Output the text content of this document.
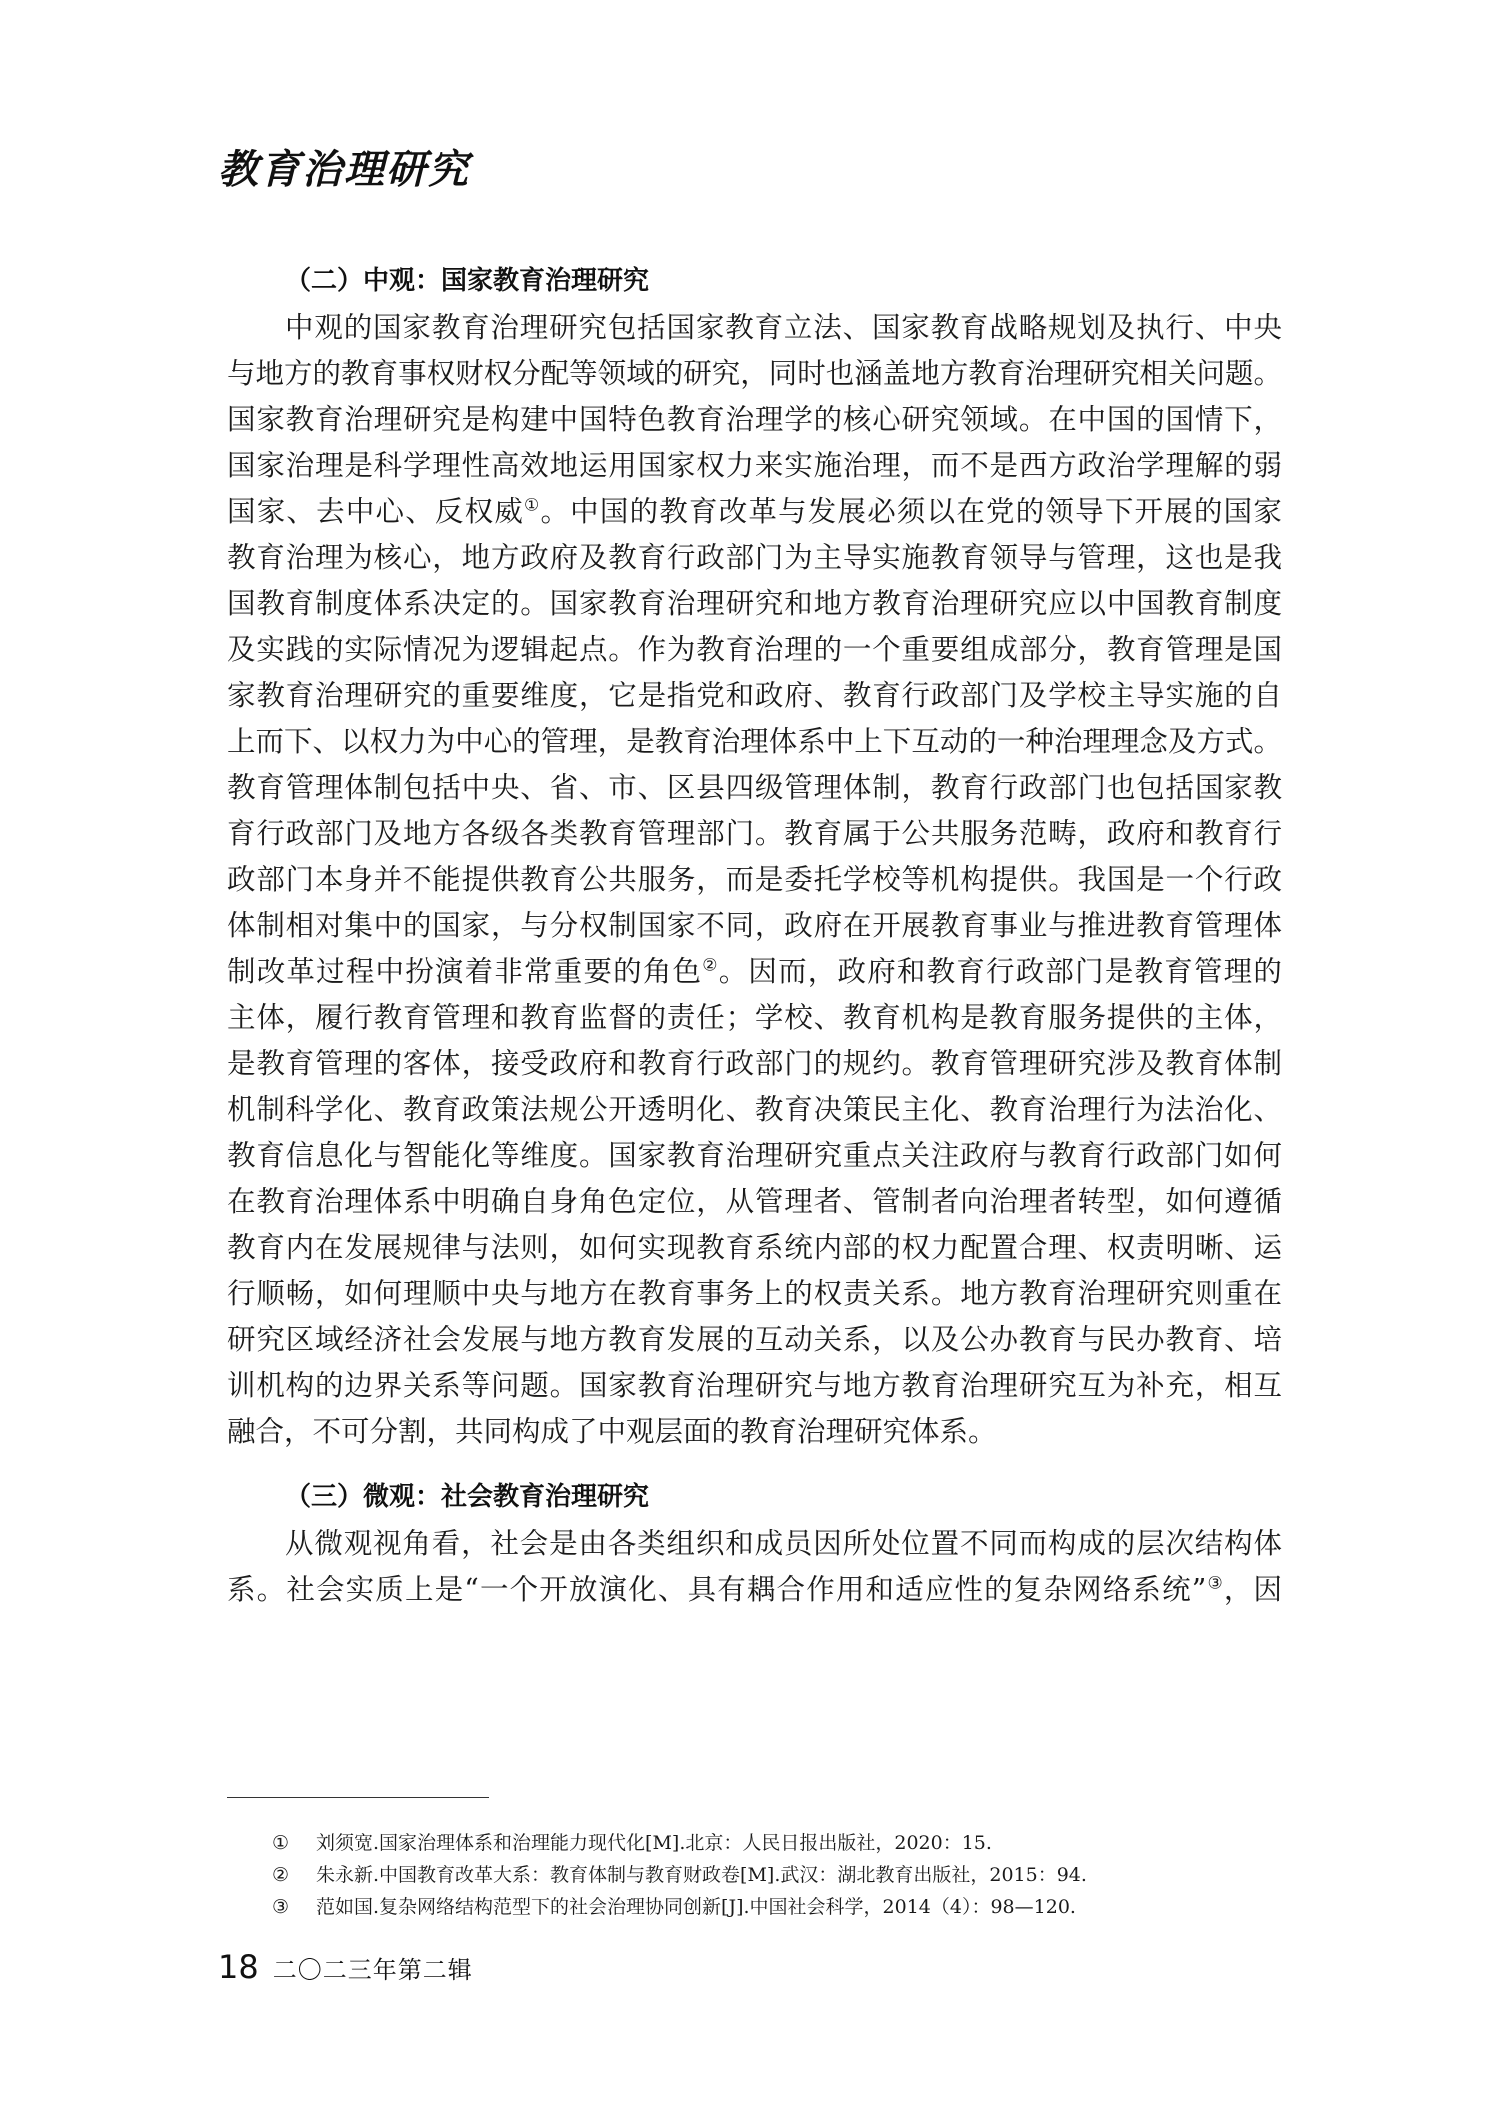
教育治理研究
（二）中观：国家教育治理研究
中观的国家教育治理研究包括国家教育立法、国家教育战略规划及执行、中央
与地方的教育事权财权分配等领域的研究，同时也涵盖地方教育治理研究相关问题。
国家教育治理研究是构建中国特色教育治理学的核心研究领域。在中国的国情下，
国家治理是科学理性高效地运用国家权力来实施治理，而不是西方政治学理解的弱
国家、去中心、反权威①。中国的教育改革与发展必须以在党的领导下开展的国家
教育治理为核心，地方政府及教育行政部门为主导实施教育领导与管理，这也是我
国教育制度体系决定的。国家教育治理研究和地方教育治理研究应以中国教育制度
及实践的实际情况为逻辑起点。作为教育治理的一个重要组成部分，教育管理是国
家教育治理研究的重要维度，它是指党和政府、教育行政部门及学校主导实施的自
上而下、以权力为中心的管理，是教育治理体系中上下互动的一种治理理念及方式。
教育管理体制包括中央、省、市、区县四级管理体制，教育行政部门也包括国家教
育行政部门及地方各级各类教育管理部门。教育属于公共服务范畴，政府和教育行
政部门本身并不能提供教育公共服务，而是委托学校等机构提供。我国是一个行政
体制相对集中的国家，与分权制国家不同，政府在开展教育事业与推进教育管理体
制改革过程中扮演着非常重要的角色②。因而，政府和教育行政部门是教育管理的
主体，履行教育管理和教育监督的责任；学校、教育机构是教育服务提供的主体，
是教育管理的客体，接受政府和教育行政部门的规约。教育管理研究涉及教育体制
机制科学化、教育政策法规公开透明化、教育决策民主化、教育治理行为法治化、
教育信息化与智能化等维度。国家教育治理研究重点关注政府与教育行政部门如何
在教育治理体系中明确自身角色定位，从管理者、管制者向治理者转型，如何遵循
教育内在发展规律与法则，如何实现教育系统内部的权力配置合理、权责明晰、运
行顺畅，如何理顺中央与地方在教育事务上的权责关系。地方教育治理研究则重在
研究区域经济社会发展与地方教育发展的互动关系，以及公办教育与民办教育、培
训机构的边界关系等问题。国家教育治理研究与地方教育治理研究互为补充，相互
融合，不可分割，共同构成了中观层面的教育治理研究体系。
（三）微观：社会教育治理研究
从微观视角看，社会是由各类组织和成员因所处位置不同而构成的层次结构体
系。社会实质上是“一个开放演化、具有耦合作用和适应性的复杂网络系统”③，因
① 刘须宽.国家治理体系和治理能力现代化[M].北京：人民日报出版社，2020：15.
② 朱永新.中国教育改革大系：教育体制与教育财政卷[M].武汉：湖北教育出版社，2015：94.
③ 范如国.复杂网络结构范型下的社会治理协同创新[J].中国社会科学，2014（4）：98—120.
18 二〇二三年第二辑
